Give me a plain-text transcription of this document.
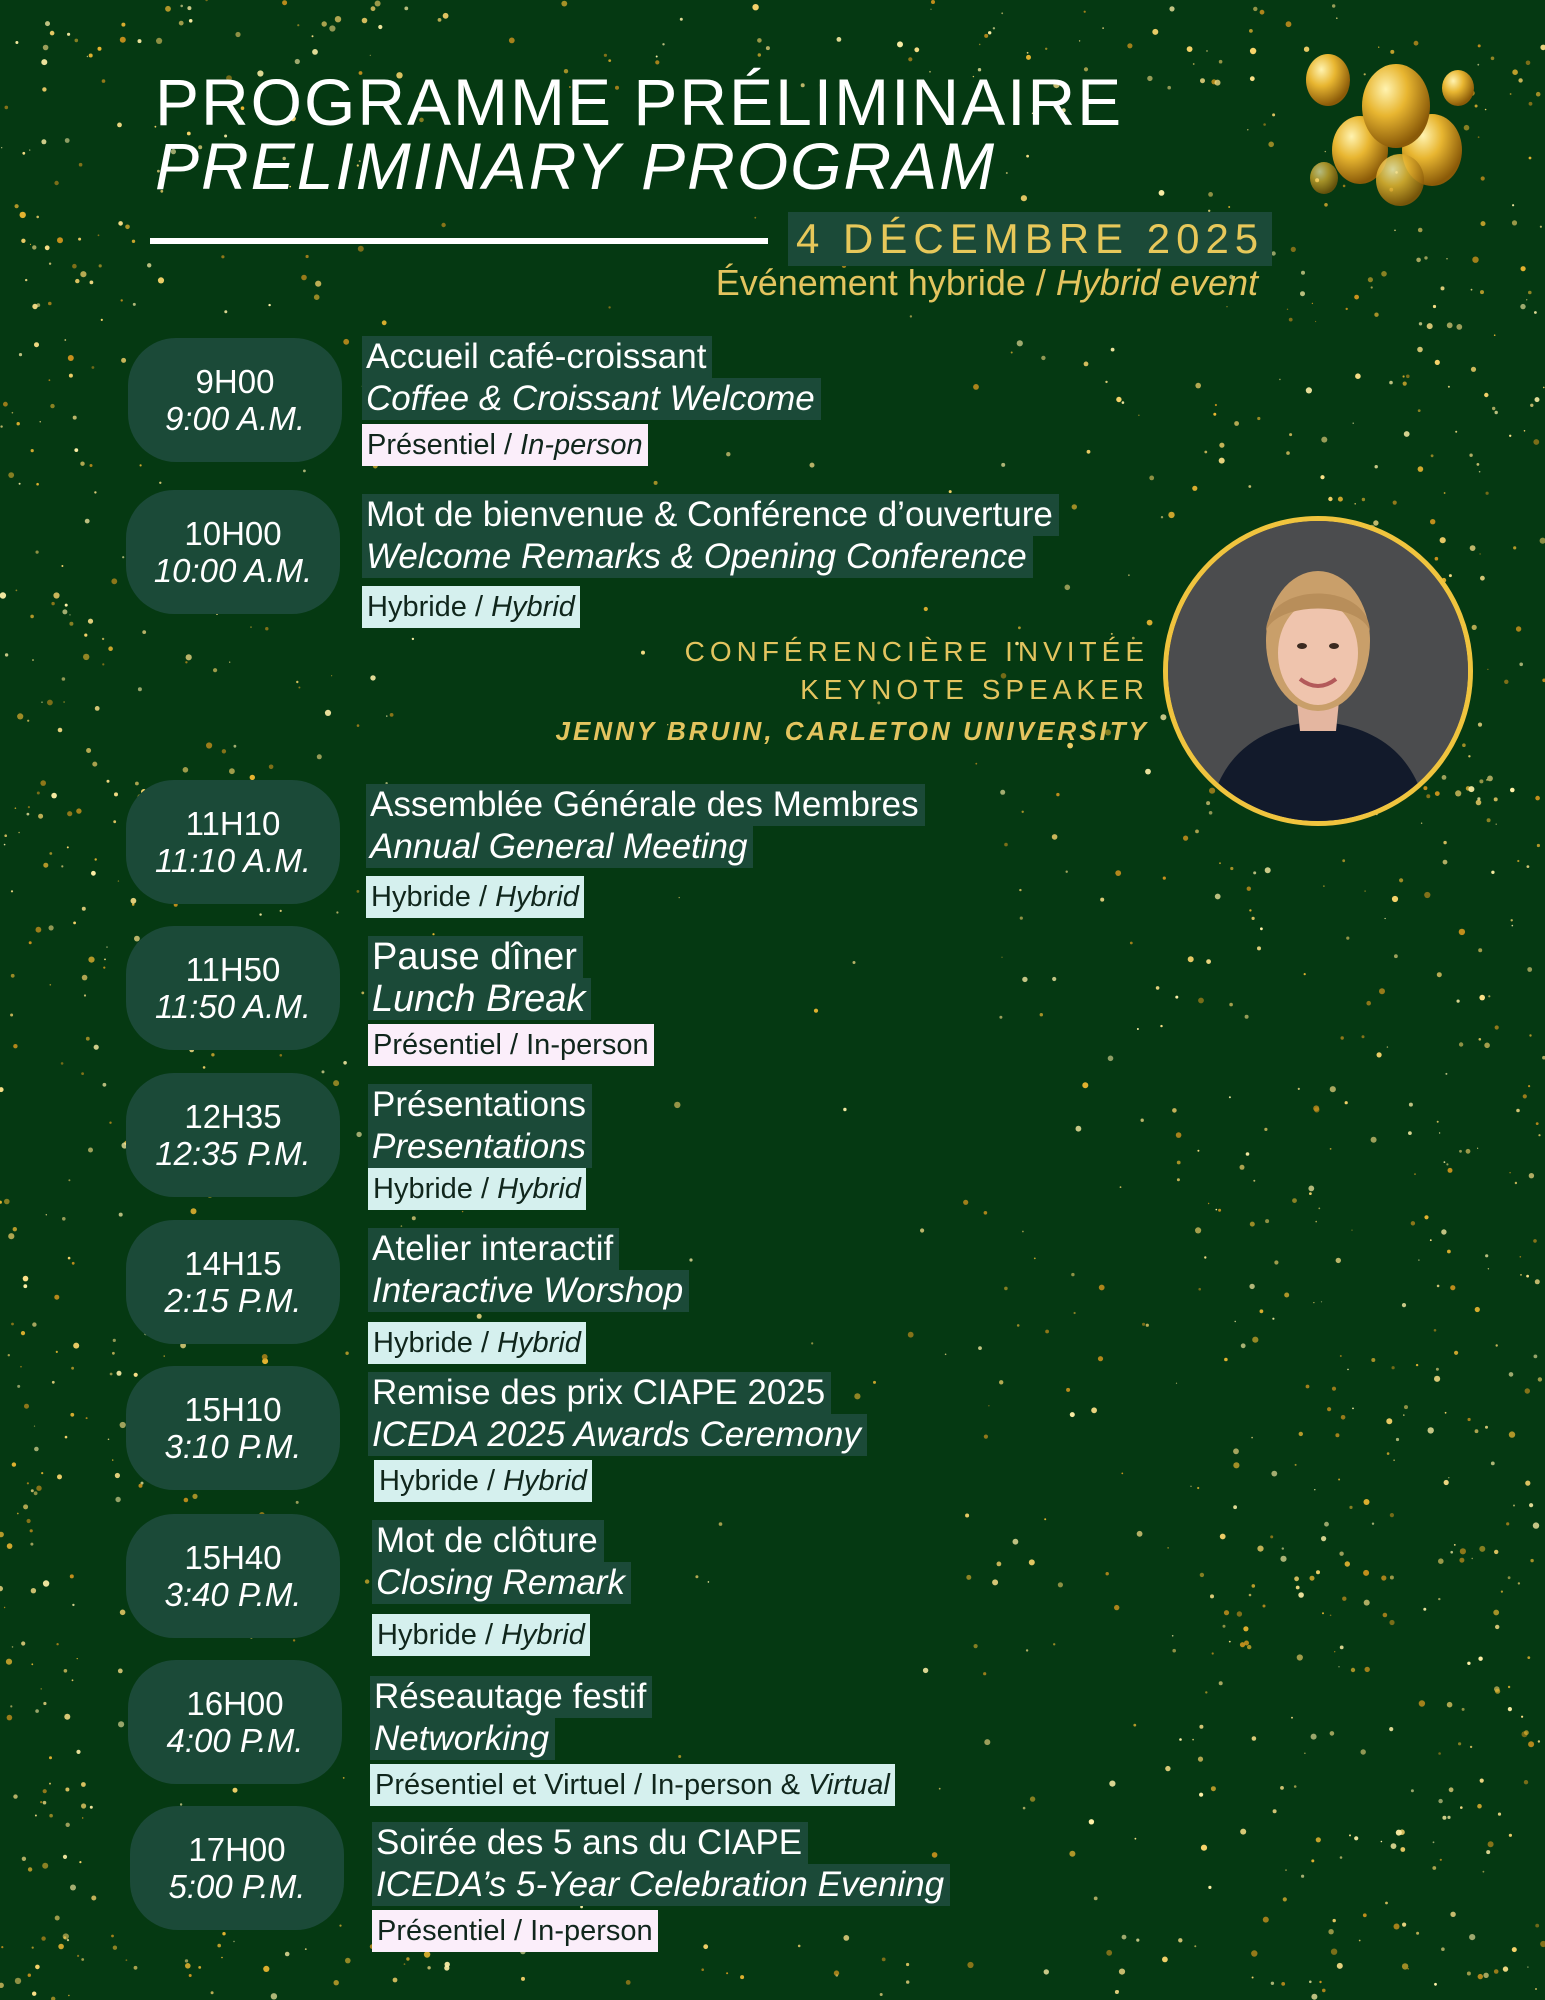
PROGRAMME PRÉLIMINAIRE
PRELIMINARY PROGRAM
4 DÉCEMBRE 2025
Événement hybride / Hybrid event
9H00
9:00 A.M.
10H00
10:00 A.M.
11H10
11:10 A.M.
11H50
11:50 A.M.
12H35
12:35 P.M.
14H15
2:15 P.M.
15H10
3:10 P.M.
15H40
3:40 P.M.
16H00
4:00 P.M.
17H00
5:00 P.M.
Accueil café-croissant
Coffee & Croissant Welcome
Présentiel / In-person
Mot de bienvenue & Conférence d’ouverture
Welcome Remarks & Opening Conference
Hybride / Hybrid
CONFÉRENCIÈRE INVITÉE
KEYNOTE SPEAKER
JENNY BRUIN, CARLETON UNIVERSITY
Assemblée Générale des Membres
Annual General Meeting
Hybride / Hybrid
Pause dîner
Lunch Break
Présentiel / In-person
Présentations
Presentations
Hybride / Hybrid
Atelier interactif
Interactive Worshop
Hybride / Hybrid
Remise des prix CIAPE 2025
ICEDA 2025 Awards Ceremony
Hybride / Hybrid
Mot de clôture
Closing Remark
Hybride / Hybrid
Réseautage festif
Networking
Présentiel et Virtuel / In-person & Virtual
Soirée des 5 ans du CIAPE
ICEDA’s 5-Year Celebration Evening
Présentiel / In-person
